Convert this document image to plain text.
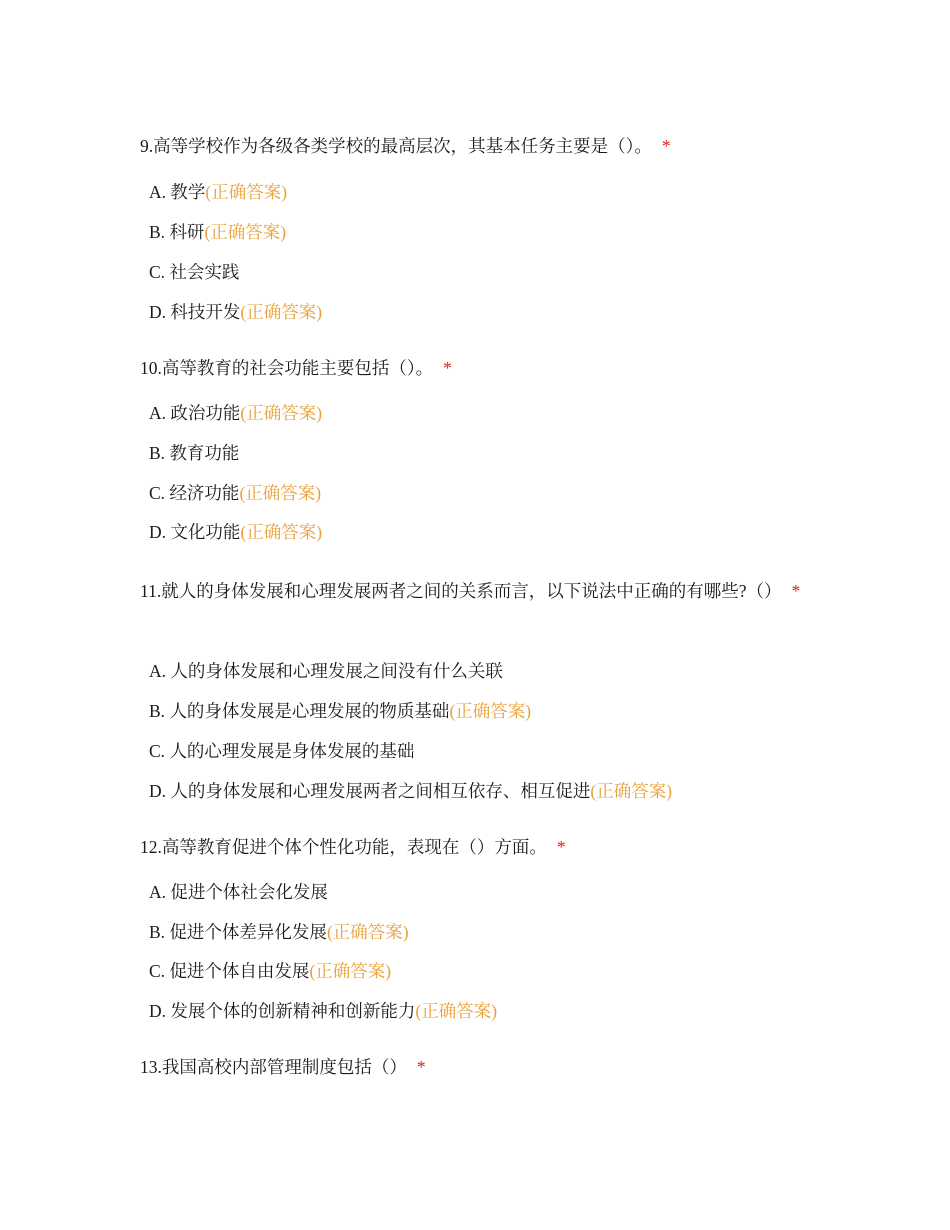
9.高等学校作为各级各类学校的最高层次，其基本任务主要是（）。 *

A. 教学(正确答案)
B. 科研(正确答案)
C. 社会实践
D. 科技开发(正确答案)

10.高等教育的社会功能主要包括（）。 *

A. 政治功能(正确答案)
B. 教育功能
C. 经济功能(正确答案)
D. 文化功能(正确答案)

11.就人的身体发展和心理发展两者之间的关系而言，以下说法中正确的有哪些?（） *

A. 人的身体发展和心理发展之间没有什么关联
B. 人的身体发展是心理发展的物质基础(正确答案)
C. 人的心理发展是身体发展的基础
D. 人的身体发展和心理发展两者之间相互依存、相互促进(正确答案)

12.高等教育促进个体个性化功能，表现在（）方面。 *

A. 促进个体社会化发展
B. 促进个体差异化发展(正确答案)
C. 促进个体自由发展(正确答案)
D. 发展个体的创新精神和创新能力(正确答案)

13.我国高校内部管理制度包括（） *
